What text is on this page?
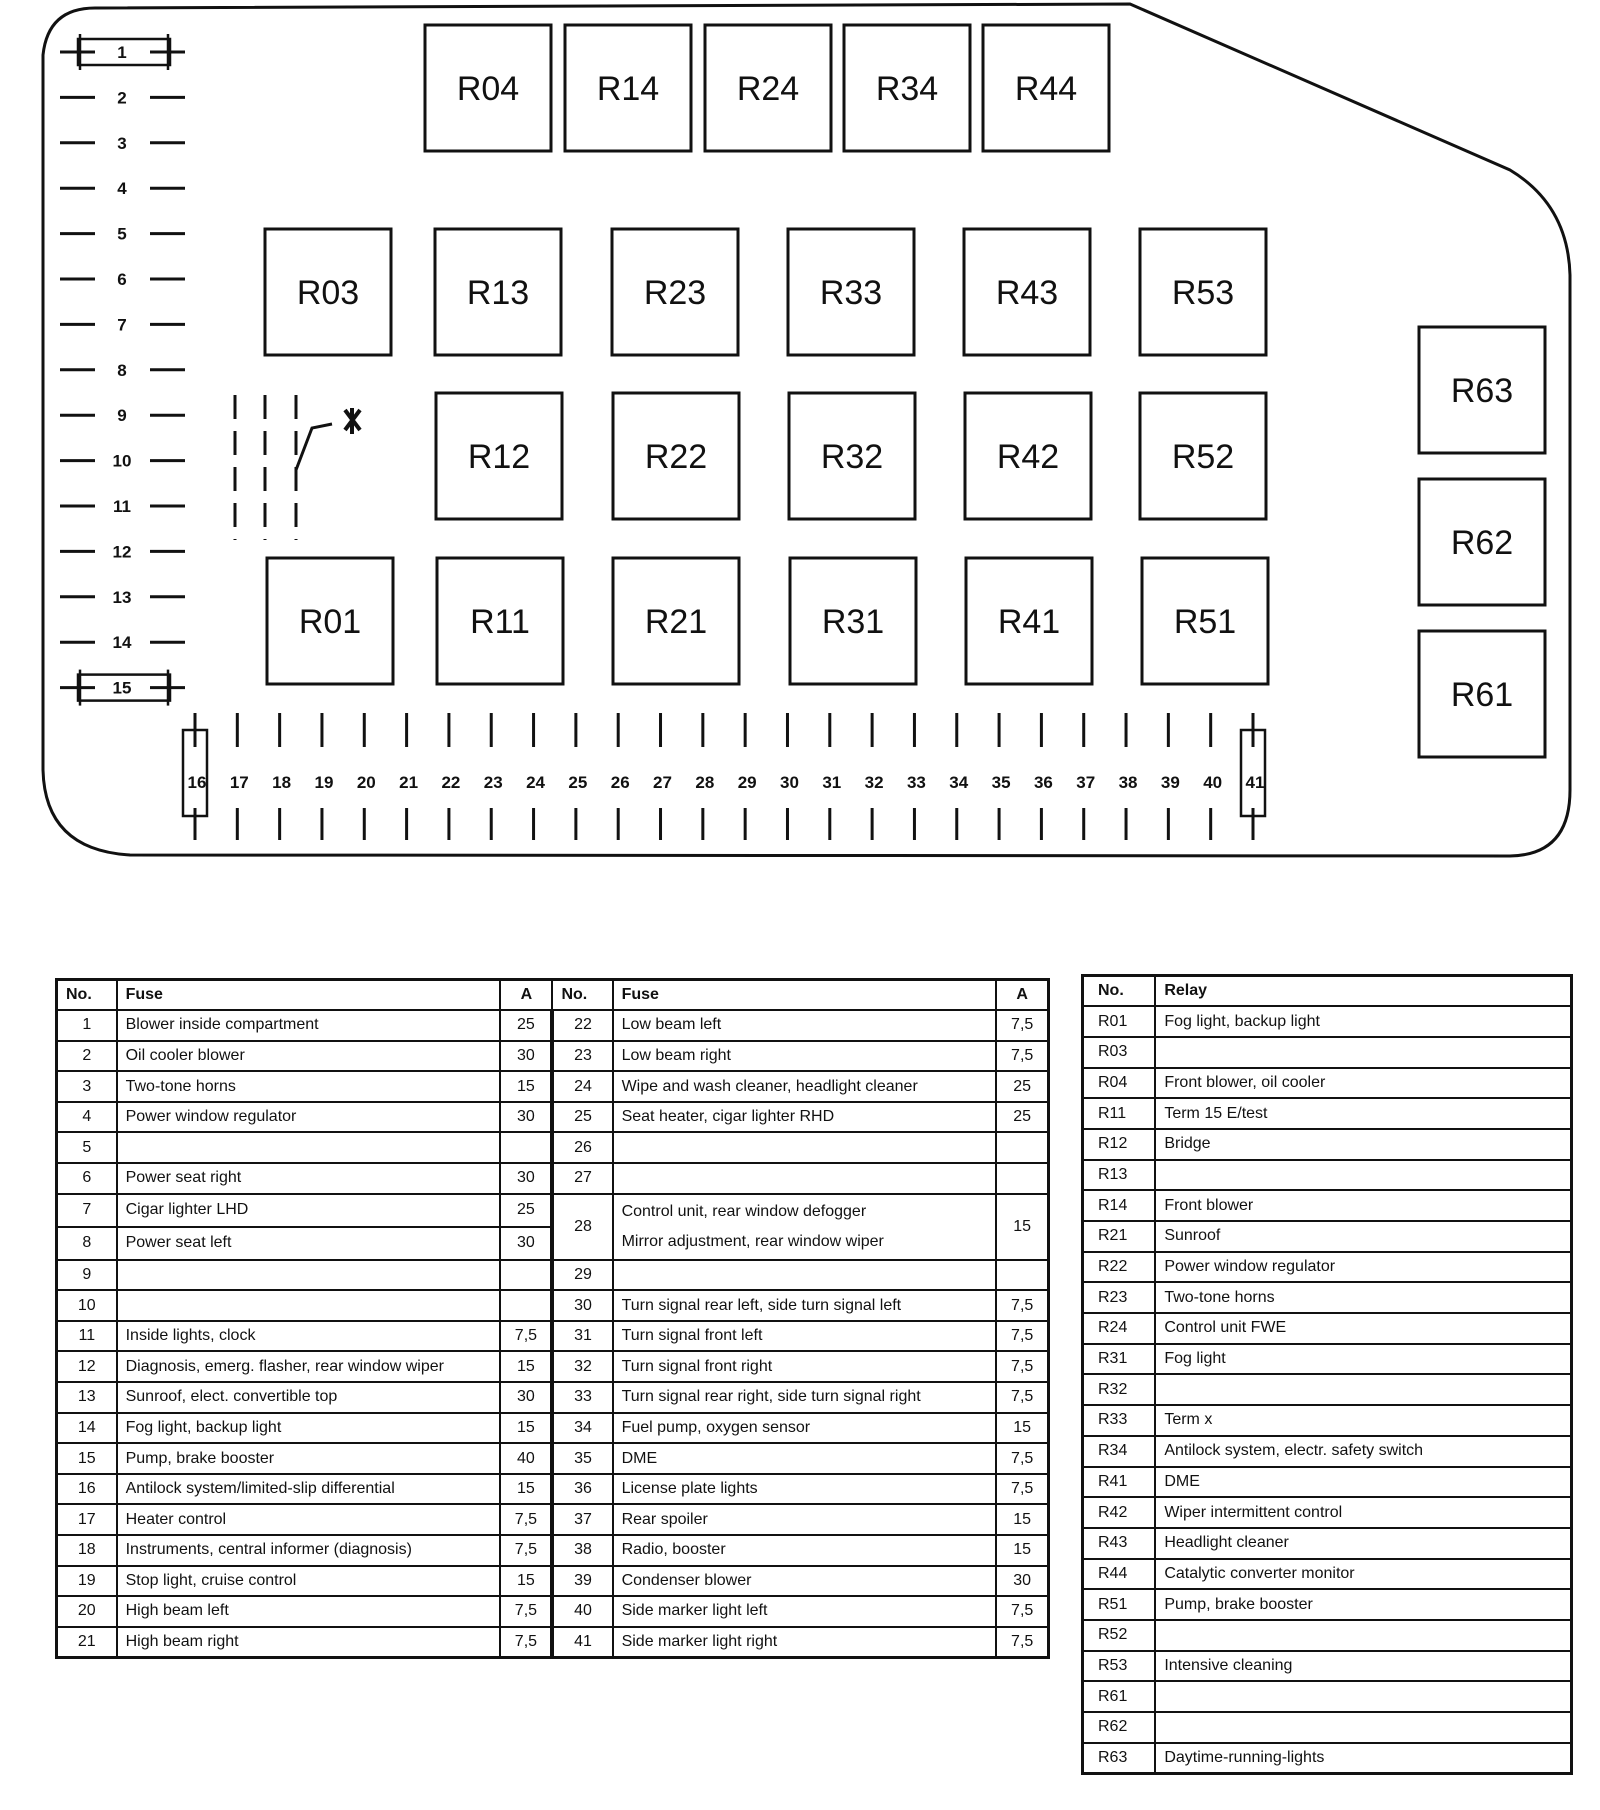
R04 R14 R24 R34 R44
R03	R13	R23	R33	R43	R53
R12	R22	R32	R42	R52
R01	R11	R21	R31	R41	R51
R63
R62
R61
1
2
3
4
5
6
7
8
9
10
11
12
13
14
15
16 17 18 19 20 21 22 23 24 25 26 27 28 29 30 31 32 33 34 35 36 37 38 39 40 41
No.	Fuse	A	No.	Fuse	A
1	Blower inside compartment	25	22	Low beam left	7,5
2	Oil cooler blower	30	23	Low beam right	7,5
3	Two-tone horns	15	24	Wipe and wash cleaner, headlight cleaner	25
4	Power window regulator	30	25	Seat heater, cigar lighter RHD	25
5			26		
6	Power seat right	30	27		
7	Cigar lighter LHD	25	28	Control unit, rear window defogger
Mirror adjustment, rear window wiper	15
8	Power seat left	30			
9			29		
10			30	Turn signal rear left, side turn signal left	7,5
11	Inside lights, clock	7,5	31	Turn signal front left	7,5
12	Diagnosis, emerg. flasher, rear window wiper	15	32	Turn signal front right	7,5
13	Sunroof, elect. convertible top	30	33	Turn signal rear right, side turn signal right	7,5
14	Fog light, backup light	15	34	Fuel pump, oxygen sensor	15
15	Pump, brake booster	40	35	DME	7,5
16	Antilock system/limited-slip differential	15	36	License plate lights	7,5
17	Heater control	7,5	37	Rear spoiler	15
18	Instruments, central informer (diagnosis)	7,5	38	Radio, booster	15
19	Stop light, cruise control	15	39	Condenser blower	30
20	High beam left	7,5	40	Side marker light left	7,5
21	High beam right	7,5	41	Side marker light right	7,5
No.	Relay
R01	Fog light, backup light
R03	
R04	Front blower, oil cooler
R11	Term 15 E/test
R12	Bridge
R13	
R14	Front blower
R21	Sunroof
R22	Power window regulator
R23	Two-tone horns
R24	Control unit FWE
R31	Fog light
R32	
R33	Term x
R34	Antilock system, electr. safety switch
R41	DME
R42	Wiper intermittent control
R43	Headlight cleaner
R44	Catalytic converter monitor
R51	Pump, brake booster
R52	
R53	Intensive cleaning
R61	
R62	
R63	Daytime-running-lights
